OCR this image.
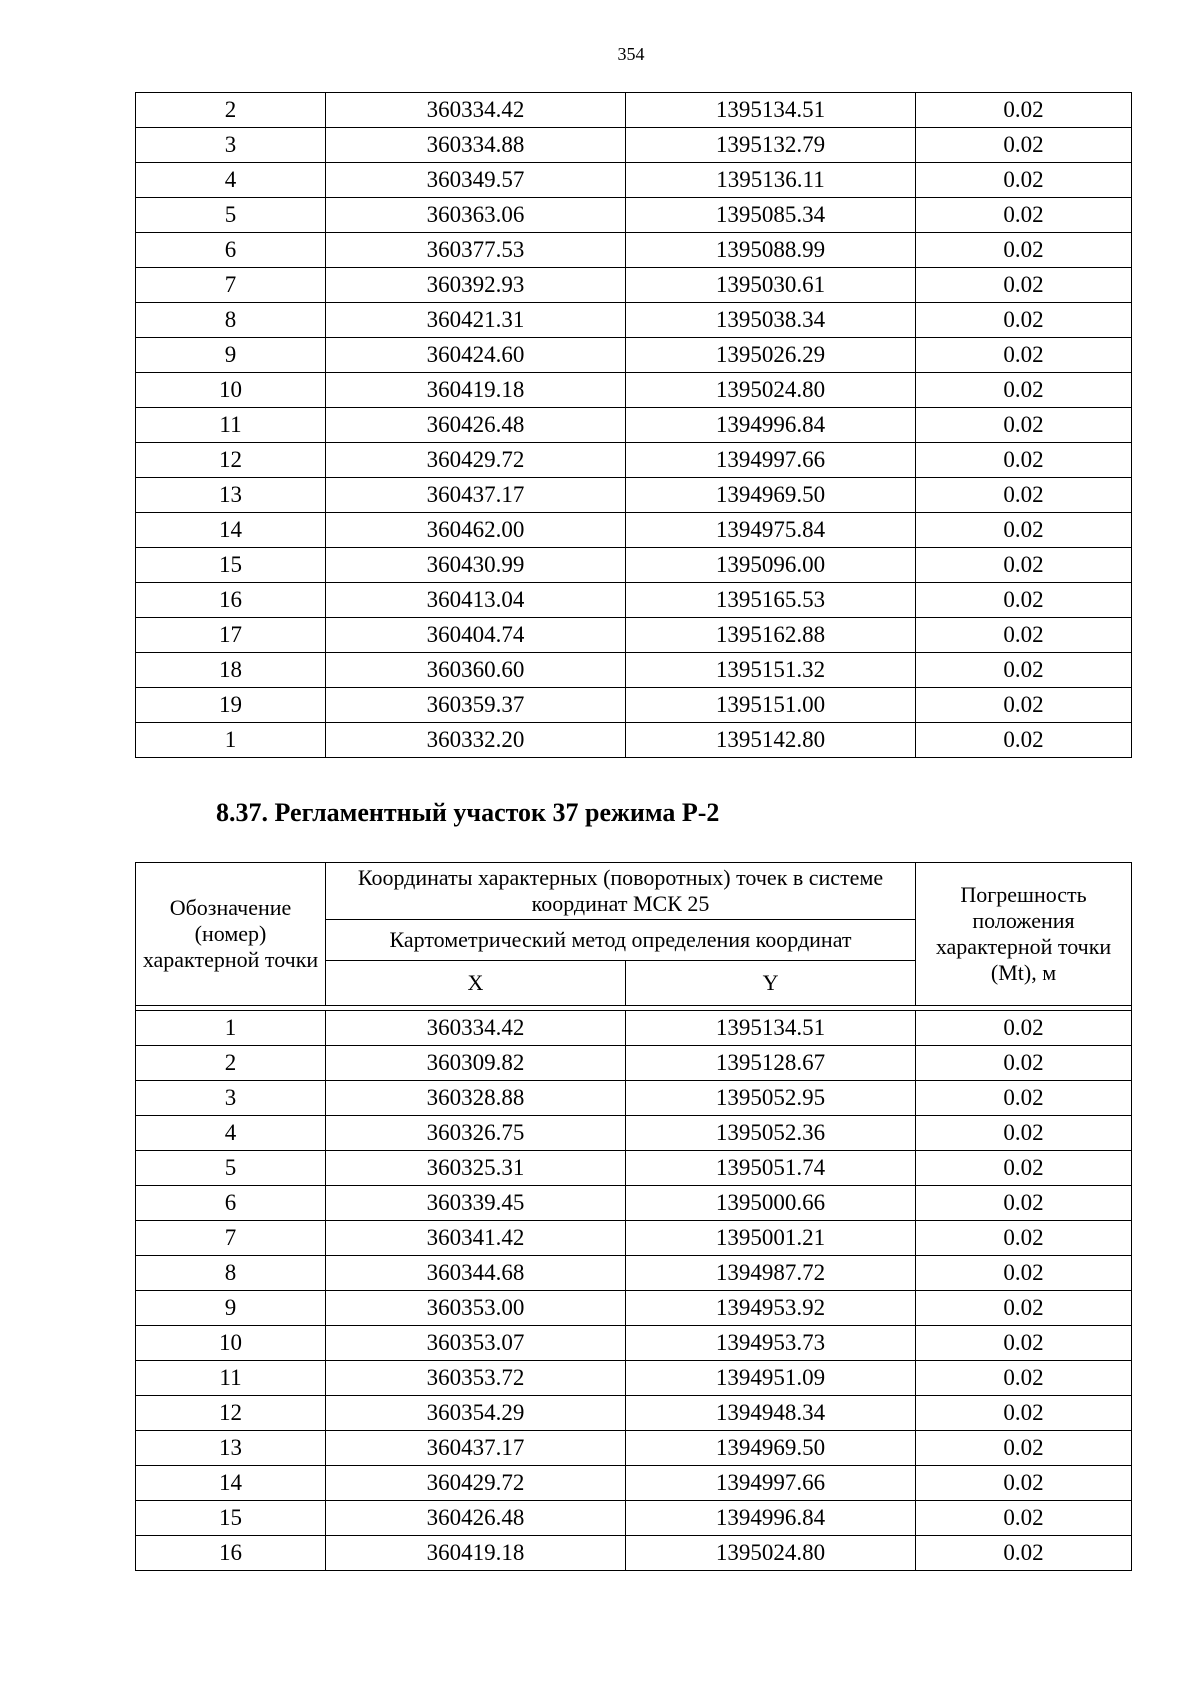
354
2	360334.42	1395134.51	0.02
3	360334.88	1395132.79	0.02
4	360349.57	1395136.11	0.02
5	360363.06	1395085.34	0.02
6	360377.53	1395088.99	0.02
7	360392.93	1395030.61	0.02
8	360421.31	1395038.34	0.02
9	360424.60	1395026.29	0.02
10	360419.18	1395024.80	0.02
11	360426.48	1394996.84	0.02
12	360429.72	1394997.66	0.02
13	360437.17	1394969.50	0.02
14	360462.00	1394975.84	0.02
15	360430.99	1395096.00	0.02
16	360413.04	1395165.53	0.02
17	360404.74	1395162.88	0.02
18	360360.60	1395151.32	0.02
19	360359.37	1395151.00	0.02
1	360332.20	1395142.80	0.02
8.37. Регламентный участок 37 режима Р-2
Обозначение (номер) характерной точки	Координаты характерных (поворотных) точек в системе координат МСК 25		Погрешность положения характерной точки (Mt), м
	Картометрический метод определения координат		
	X	Y	

1	360334.42	1395134.51	0.02
2	360309.82	1395128.67	0.02
3	360328.88	1395052.95	0.02
4	360326.75	1395052.36	0.02
5	360325.31	1395051.74	0.02
6	360339.45	1395000.66	0.02
7	360341.42	1395001.21	0.02
8	360344.68	1394987.72	0.02
9	360353.00	1394953.92	0.02
10	360353.07	1394953.73	0.02
11	360353.72	1394951.09	0.02
12	360354.29	1394948.34	0.02
13	360437.17	1394969.50	0.02
14	360429.72	1394997.66	0.02
15	360426.48	1394996.84	0.02
16	360419.18	1395024.80	0.02
